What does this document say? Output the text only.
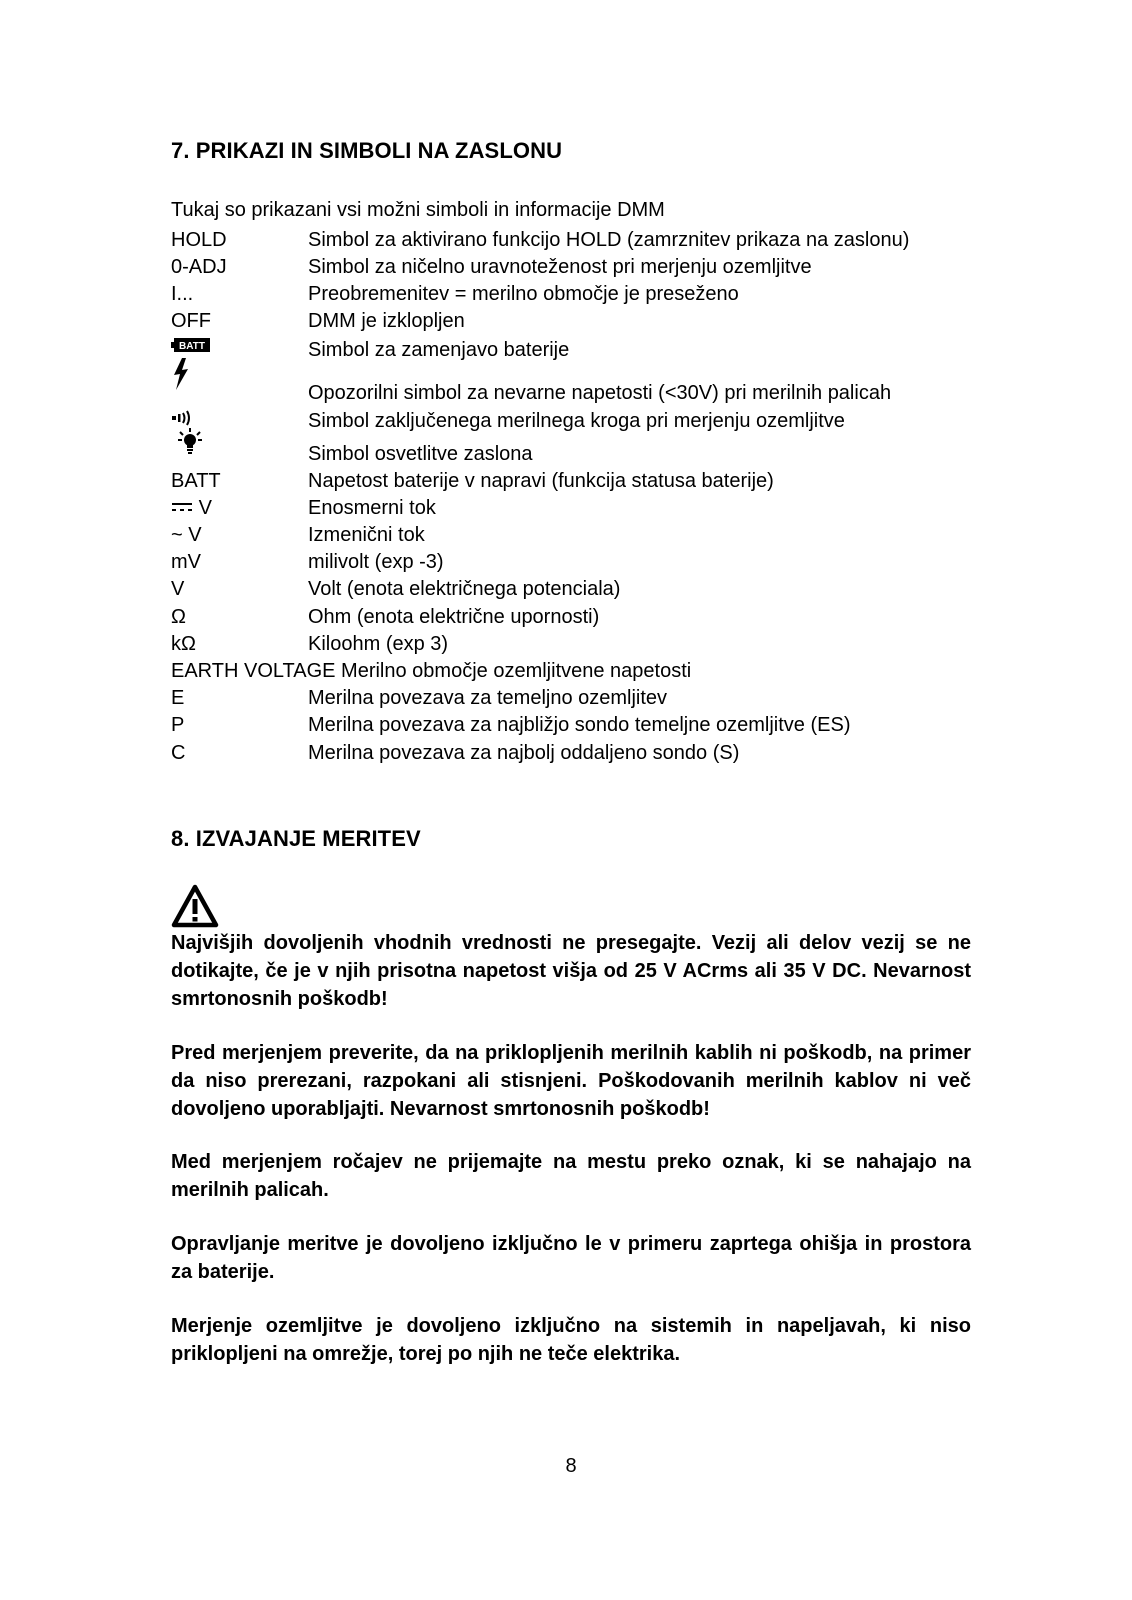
7. PRIKAZI IN SIMBOLI NA ZASLONU
Tukaj so prikazani vsi možni simboli in informacije DMM
HOLD	Simbol za aktivirano funkcijo HOLD (zamrznitev prikaza na zaslonu)
0-ADJ	Simbol za ničelno uravnoteženost pri merjenju ozemljitve
I...	Preobremenitev = merilno območje je preseženo
OFF	DMM je izklopljen
BATT	Simbol za zamenjavo baterije
Opozorilni simbol za nevarne napetosti (<30V) pri merilnih palicah
Simbol zaključenega merilnega kroga pri merjenju ozemljitve
Simbol osvetlitve zaslona
BATT	Napetost baterije v napravi (funkcija statusa baterije)
V	Enosmerni tok
~ V	Izmenični tok
mV	milivolt (exp -3)
V	Volt (enota električnega potenciala)
Ω	Ohm (enota električne upornosti)
kΩ	Kiloohm (exp 3)
EARTH VOLTAGE Merilno območje ozemljitvene napetosti
E	Merilna povezava za temeljno ozemljitev
P	Merilna povezava za najbližjo sondo temeljne ozemljitve (ES)
C	Merilna povezava za najbolj oddaljeno sondo (S)
8. IZVAJANJE MERITEV

Najvišjih dovoljenih vhodnih vrednosti ne presegajte. Vezij ali delov vezij se ne dotikajte, če je v njih prisotna napetost višja od 25 V ACrms ali 35 V DC. Nevarnost smrtonosnih poškodb!

Pred merjenjem preverite, da na priklopljenih merilnih kablih ni poškodb, na primer da niso prerezani, razpokani ali stisnjeni. Poškodovanih merilnih kablov ni več dovoljeno uporabljajti. Nevarnost smrtonosnih poškodb!

Med merjenjem ročajev ne prijemajte na mestu preko oznak, ki se nahajajo na merilnih palicah.

Opravljanje meritve je dovoljeno izključno le v primeru zaprtega ohišja in prostora za baterije.

Merjenje ozemljitve je dovoljeno izključno na sistemih in napeljavah, ki niso priklopljeni na omrežje, torej po njih ne teče elektrika.

8
